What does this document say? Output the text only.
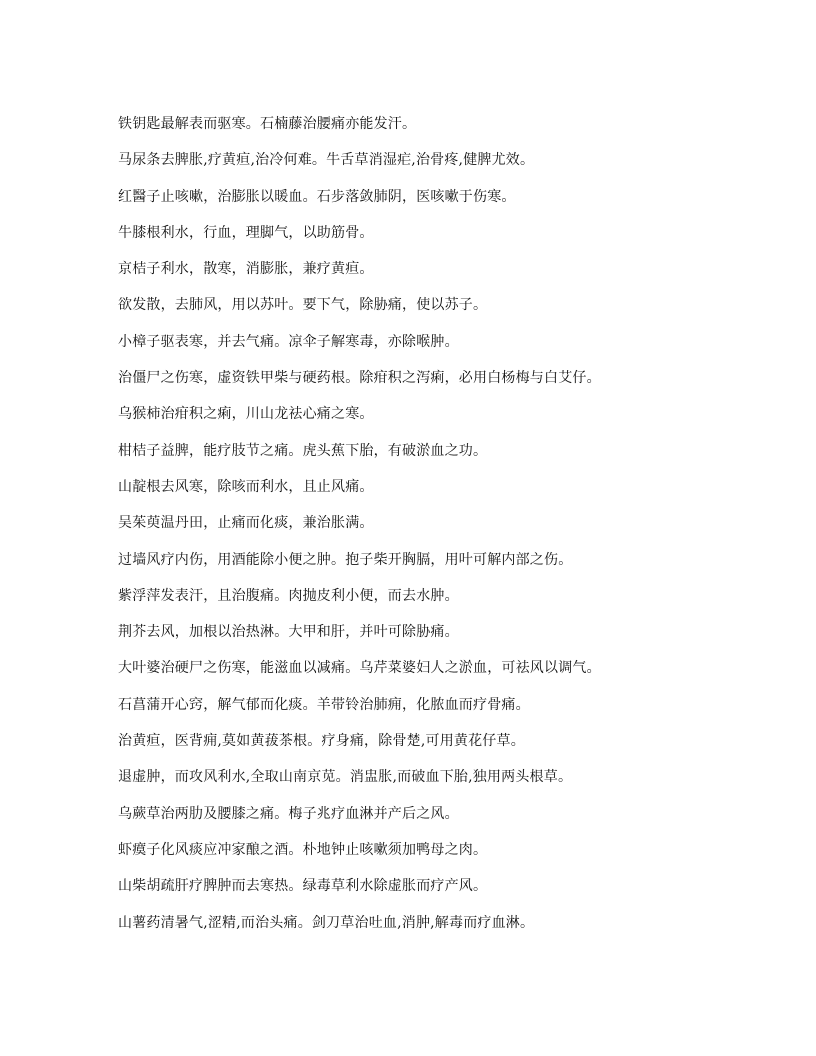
铁钥匙最解表而驱寒。石楠藤治腰痛亦能发汗。
马尿条去脾胀,疗黄疸,治冷何难。牛舌草消湿疟,治骨疼,健脾尤效。
红醫子止咳嗽，治膨胀以暖血。石步落敛肺阴，医咳嗽于伤寒。
牛膝根利水，行血，理脚气，以助筋骨。
京桔子利水，散寒，消膨胀，兼疗黄疸。
欲发散，去肺风，用以苏叶。要下气，除胁痛，使以苏子。
小樟子驱表寒，并去气痛。凉伞子解寒毒，亦除喉肿。
治僵尸之伤寒，虚资铁甲柴与硬药根。除疳积之泻痢，必用白杨梅与白艾仔。
乌猴柿治疳积之痢，川山龙祛心痛之寒。
柑桔子益脾，能疗肢节之痛。虎头蕉下胎，有破淤血之功。
山靛根去风寒，除咳而利水，且止风痛。
吴茱萸温丹田，止痛而化痰，兼治胀满。
过墙风疗内伤，用酒能除小便之肿。抱子柴开胸膈，用叶可解内部之伤。
紫浮萍发表汗，且治腹痛。肉抛皮利小便，而去水肿。
荆芥去风，加根以治热淋。大甲和肝，并叶可除胁痛。
大叶婆治硬尸之伤寒，能滋血以减痛。乌芹菜婆妇人之淤血，可祛风以调气。
石菖蒲开心窍，解气郁而化痰。羊带铃治肺痈，化脓血而疗骨痛。
治黄疸，医背痈,莫如黄菝茶根。疗身痛，除骨楚,可用黄花仔草。
退虚肿，而攻风利水,全取山南京苋。消盅胀,而破血下胎,独用两头根草。
乌蕨草治两肋及腰膝之痛。梅子兆疗血淋并产后之风。
虾瘼子化风痰应冲家酿之酒。朴地钟止咳嗽须加鸭母之肉。
山柴胡疏肝疗脾肿而去寒热。绿毒草利水除虚胀而疗产风。
山薯药清暑气,涩精,而治头痛。剑刀草治吐血,消肿,解毒而疗血淋。
